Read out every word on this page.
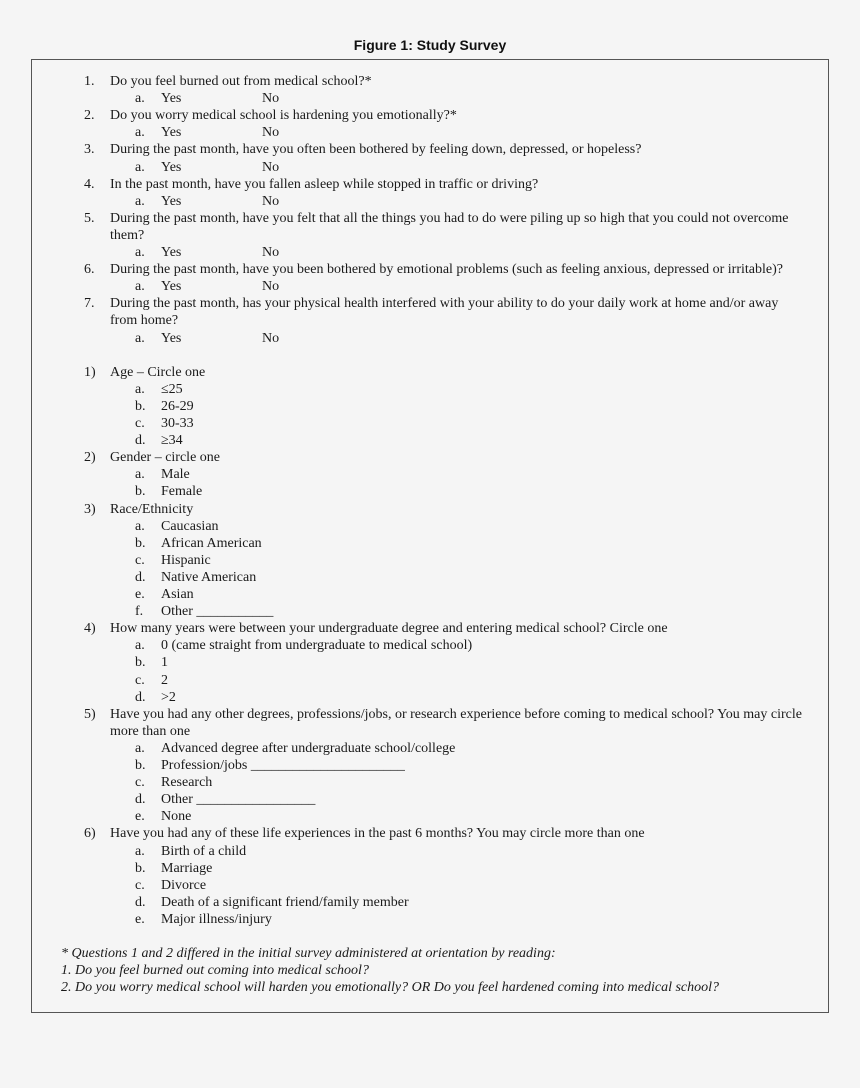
Figure 1: Study Survey
1. Do you feel burned out from medical school?*
a. Yes	No
2. Do you worry medical school is hardening you emotionally?*
a. Yes	No
3. During the past month, have you often been bothered by feeling down, depressed, or hopeless?
a. Yes	No
4. In the past month, have you fallen asleep while stopped in traffic or driving?
a. Yes	No
5. During the past month, have you felt that all the things you had to do were piling up so high that you could not overcome
them?
a. Yes	No
6. During the past month, have you been bothered by emotional problems (such as feeling anxious, depressed or irritable)?
a. Yes	No
7. During the past month, has your physical health interfered with your ability to do your daily work at home and/or away
from home?
a. Yes	No
1) Age – Circle one
a. ≤25
b. 26-29
c. 30-33
d. ≥34
2) Gender – circle one
a. Male
b. Female
3) Race/Ethnicity
a. Caucasian
b. African American
c. Hispanic
d. Native American
e. Asian
f. Other ___________
4) How many years were between your undergraduate degree and entering medical school? Circle one
a. 0 (came straight from undergraduate to medical school)
b. 1
c. 2
d. >2
5) Have you had any other degrees, professions/jobs, or research experience before coming to medical school? You may circle
more than one
a. Advanced degree after undergraduate school/college
b. Profession/jobs ______________________
c. Research
d. Other _________________
e. None
6) Have you had any of these life experiences in the past 6 months? You may circle more than one
a. Birth of a child
b. Marriage
c. Divorce
d. Death of a significant friend/family member
e. Major illness/injury
* Questions 1 and 2 differed in the initial survey administered at orientation by reading:
1. Do you feel burned out coming into medical school?
2. Do you worry medical school will harden you emotionally? OR Do you feel hardened coming into medical school?
